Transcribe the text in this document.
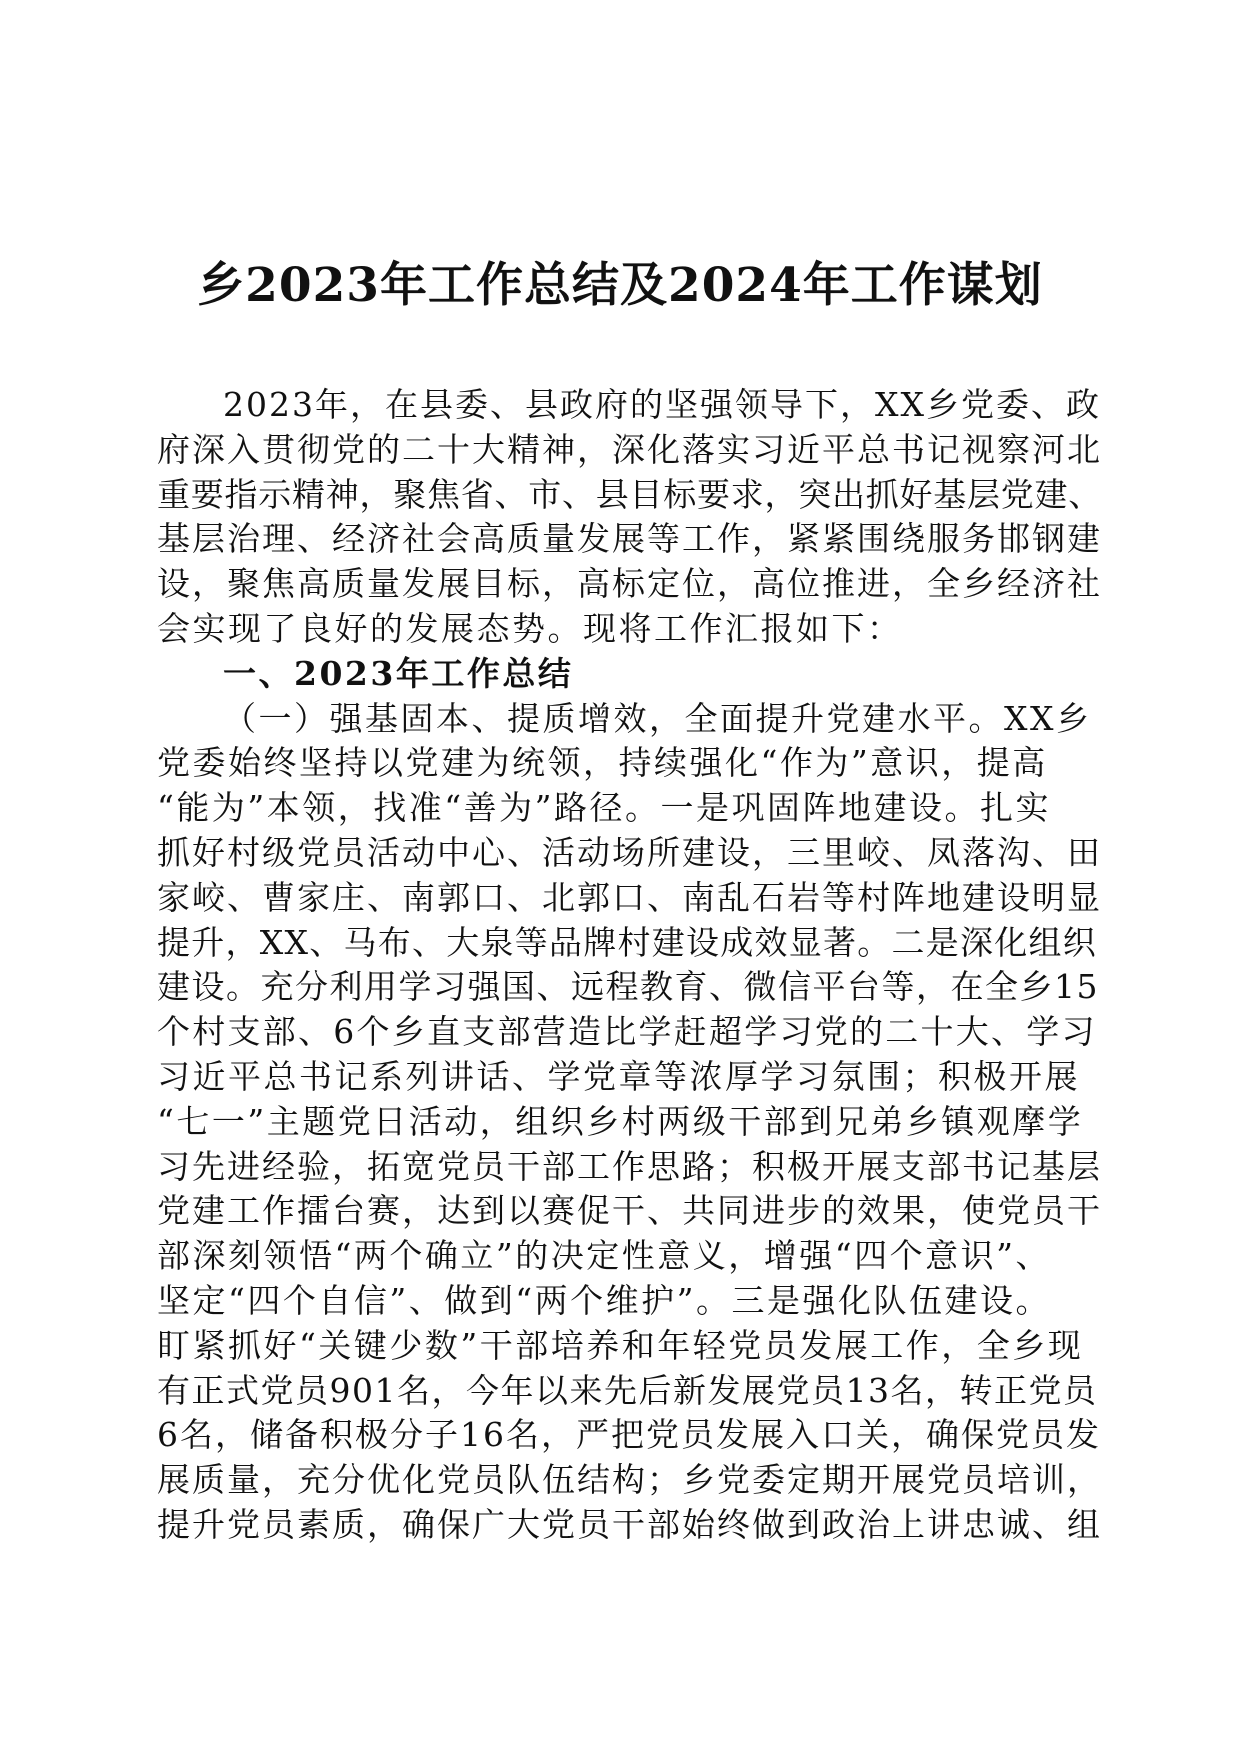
乡2023年工作总结及2024年工作谋划
2023年，在县委、县政府的坚强领导下，XX乡党委、政
府深入贯彻党的二十大精神，深化落实习近平总书记视察河北
重要指示精神，聚焦省、市、县目标要求，突出抓好基层党建、
基层治理、经济社会高质量发展等工作，紧紧围绕服务邯钢建
设，聚焦高质量发展目标，高标定位，高位推进，全乡经济社
会实现了良好的发展态势。现将工作汇报如下：
一、2023年工作总结
（一）强基固本、提质增效，全面提升党建水平。XX乡
党委始终坚持以党建为统领，持续强化“作为”意识，提高
“能为”本领，找准“善为”路径。一是巩固阵地建设。扎实
抓好村级党员活动中心、活动场所建设，三里峧、凤落沟、田
家峧、曹家庄、南郭口、北郭口、南乱石岩等村阵地建设明显
提升，XX、马布、大泉等品牌村建设成效显著。二是深化组织
建设。充分利用学习强国、远程教育、微信平台等，在全乡15
个村支部、6个乡直支部营造比学赶超学习党的二十大、学习
习近平总书记系列讲话、学党章等浓厚学习氛围；积极开展
“七一”主题党日活动，组织乡村两级干部到兄弟乡镇观摩学
习先进经验，拓宽党员干部工作思路；积极开展支部书记基层
党建工作擂台赛，达到以赛促干、共同进步的效果，使党员干
部深刻领悟“两个确立”的决定性意义，增强“四个意识”、
坚定“四个自信”、做到“两个维护”。三是强化队伍建设。
盯紧抓好“关键少数”干部培养和年轻党员发展工作，全乡现
有正式党员901名，今年以来先后新发展党员13名，转正党员
6名，储备积极分子16名，严把党员发展入口关，确保党员发
展质量，充分优化党员队伍结构；乡党委定期开展党员培训，
提升党员素质，确保广大党员干部始终做到政治上讲忠诚、组
